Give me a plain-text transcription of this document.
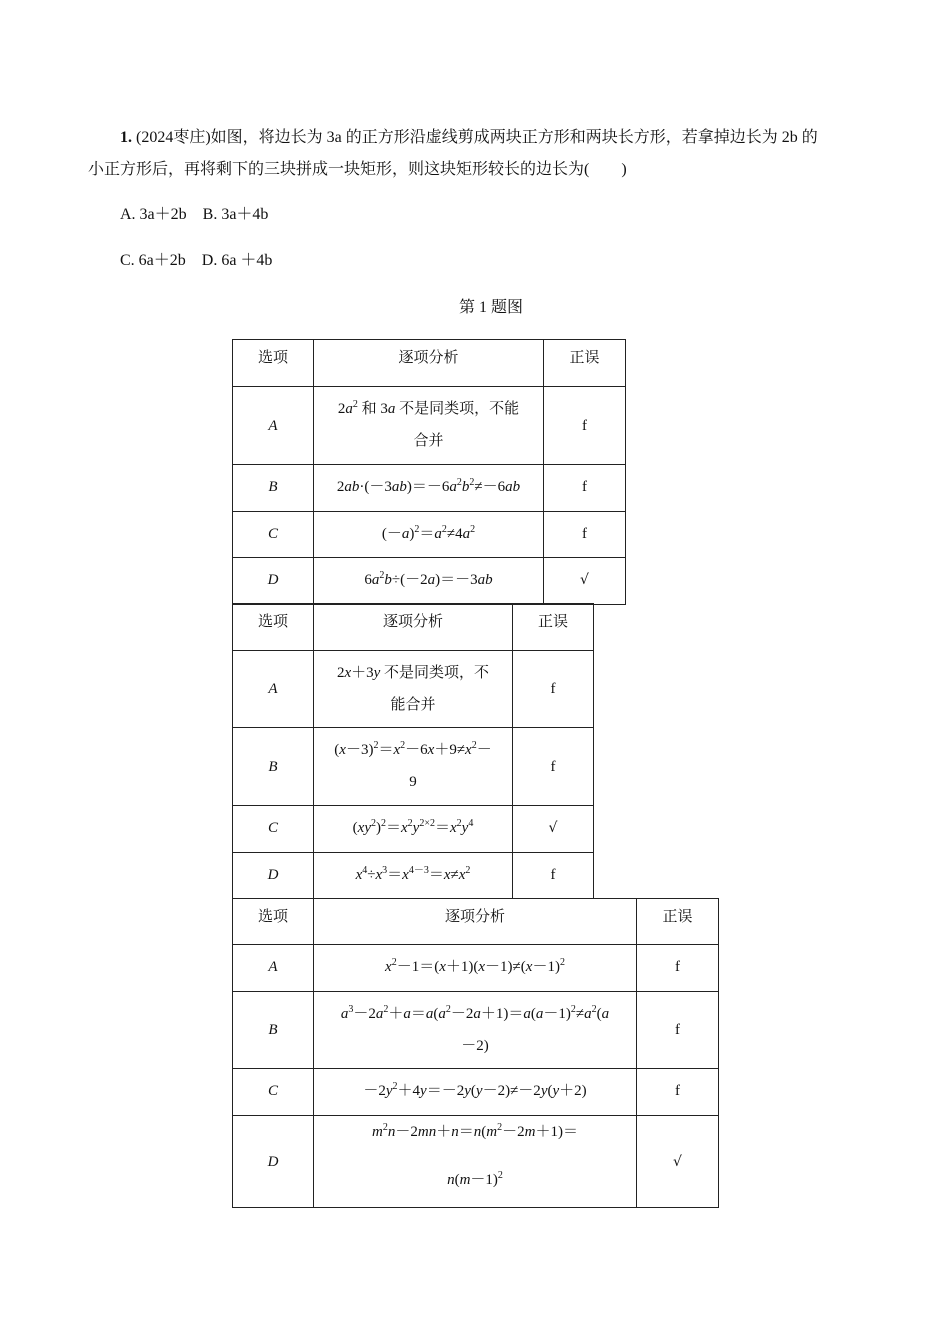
1. (2024枣庄)如图，将边长为 3a 的正方形沿虚线剪成两块正方形和两块长方形，若拿掉边长为 2b 的
小正方形后，再将剩下的三块拼成一块矩形，则这块矩形较长的边长为(　　)
A. 3a＋2b　B. 3a＋4b
C. 6a＋2b　D. 6a ＋4b
第 1 题图
选项	逐项分析	正误
A	$2a^2$ 和 3a 不是同类项，不能
合并	f
B	$2ab\cdot(-3ab)=-6a^2b^2\ne-6ab$	f
C	$(-a)^2=a^2\ne 4a^2$	f
D	$6a^2b\div(-2a)=-3ab$	√
选项	逐项分析	正误
A	2x＋3y 不是同类项，不
能合并	f
B	$(x-3)^2=x^2-6x+9\ne x^2-$
9	f
C	$(xy^2)^2=x^2y^{2\times 2}=x^2y^4$	√
D	$x^4\div x^3=x^{4-3}=x\ne x^2$	f
选项	逐项分析	正误
A	$x^2-1=(x+1)(x-1)\ne(x-1)^2$	f
B	$a^3-2a^2+a=a(a^2-2a+1)=a(a-1)^2\ne a^2(a$
－2)	f
C	$-2y^2+4y=-2y(y-2)\ne-2y(y+2)$	f
D	$m^2n-2mn+n=n(m^2-2m+1)=$

$n(m-1)^2$	√
